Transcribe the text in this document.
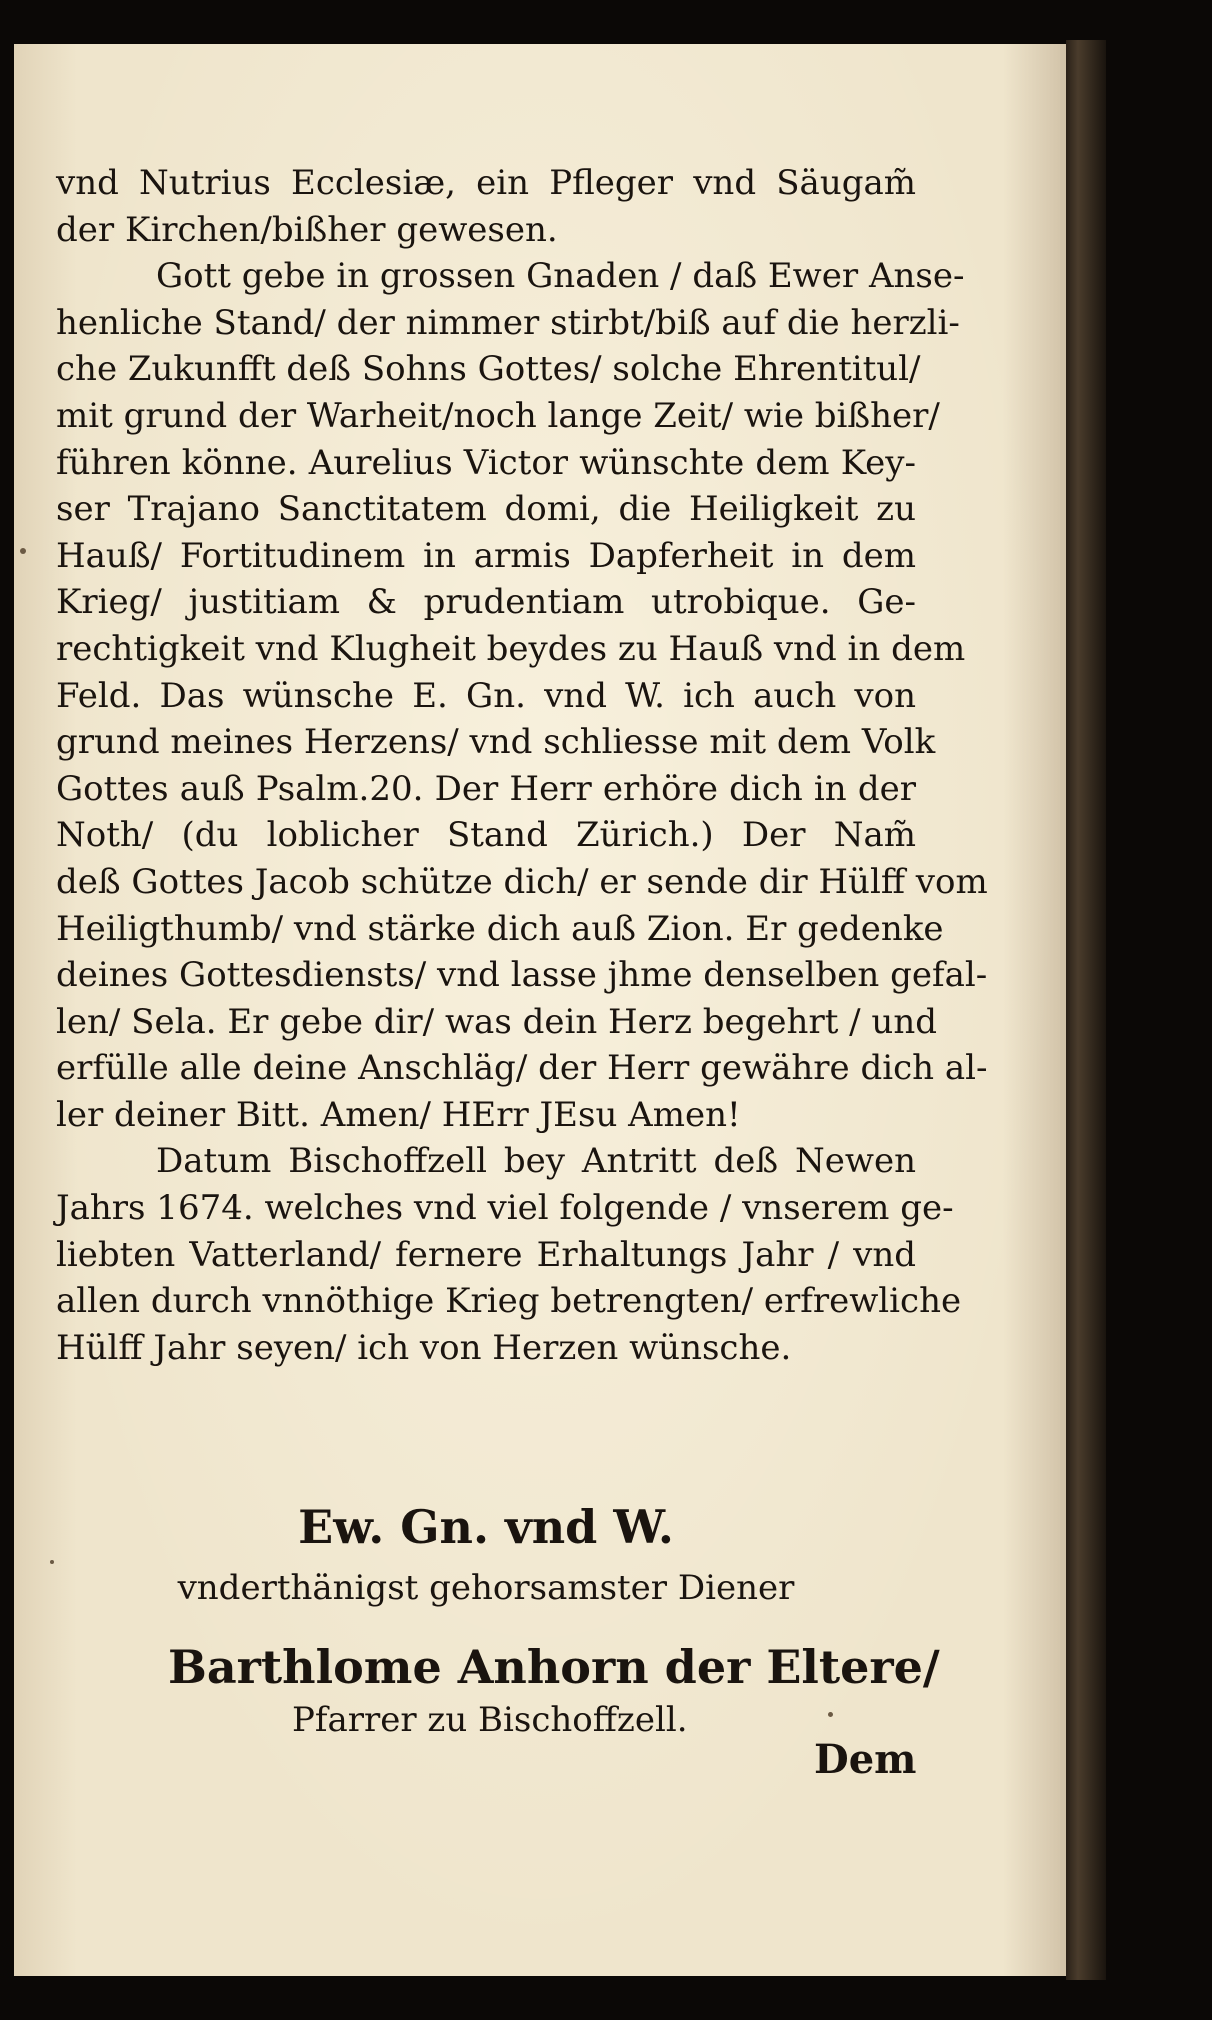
vnd Nutrius Ecclesiæ, ein Pfleger vnd Säugam̃
der Kirchen/bißher gewesen.
Gott gebe in grossen Gnaden / daß Ewer Anse-
henliche Stand/ der nimmer stirbt/biß auf die herzli-
che Zukunfft deß Sohns Gottes/ solche Ehrentitul/
mit grund der Warheit/noch lange Zeit/ wie bißher/
führen könne. Aurelius Victor wünschte dem Key-
ser Trajano Sanctitatem domi, die Heiligkeit zu
Hauß/ Fortitudinem in armis Dapferheit in dem
Krieg/ justitiam & prudentiam utrobique. Ge-
rechtigkeit vnd Klugheit beydes zu Hauß vnd in dem
Feld. Das wünsche E. Gn. vnd W. ich auch von
grund meines Herzens/ vnd schliesse mit dem Volk
Gottes auß Psalm.20. Der Herr erhöre dich in der
Noth/ (du loblicher Stand Zürich.) Der Nam̃
deß Gottes Jacob schütze dich/ er sende dir Hülff vom
Heiligthumb/ vnd stärke dich auß Zion. Er gedenke
deines Gottesdiensts/ vnd lasse jhme denselben gefal-
len/ Sela. Er gebe dir/ was dein Herz begehrt / und
erfülle alle deine Anschläg/ der Herr gewähre dich al-
ler deiner Bitt. Amen/ HErr JEsu Amen!
Datum Bischoffzell bey Antritt deß Newen
Jahrs 1674. welches vnd viel folgende / vnserem ge-
liebten Vatterland/ fernere Erhaltungs Jahr / vnd
allen durch vnnöthige Krieg betrengten/ erfrewliche
Hülff Jahr seyen/ ich von Herzen wünsche.
Ew. Gn. vnd W.
vnderthänigst gehorsamster Diener
Barthlome Anhorn der Eltere/
Pfarrer zu Bischoffzell.
Dem
